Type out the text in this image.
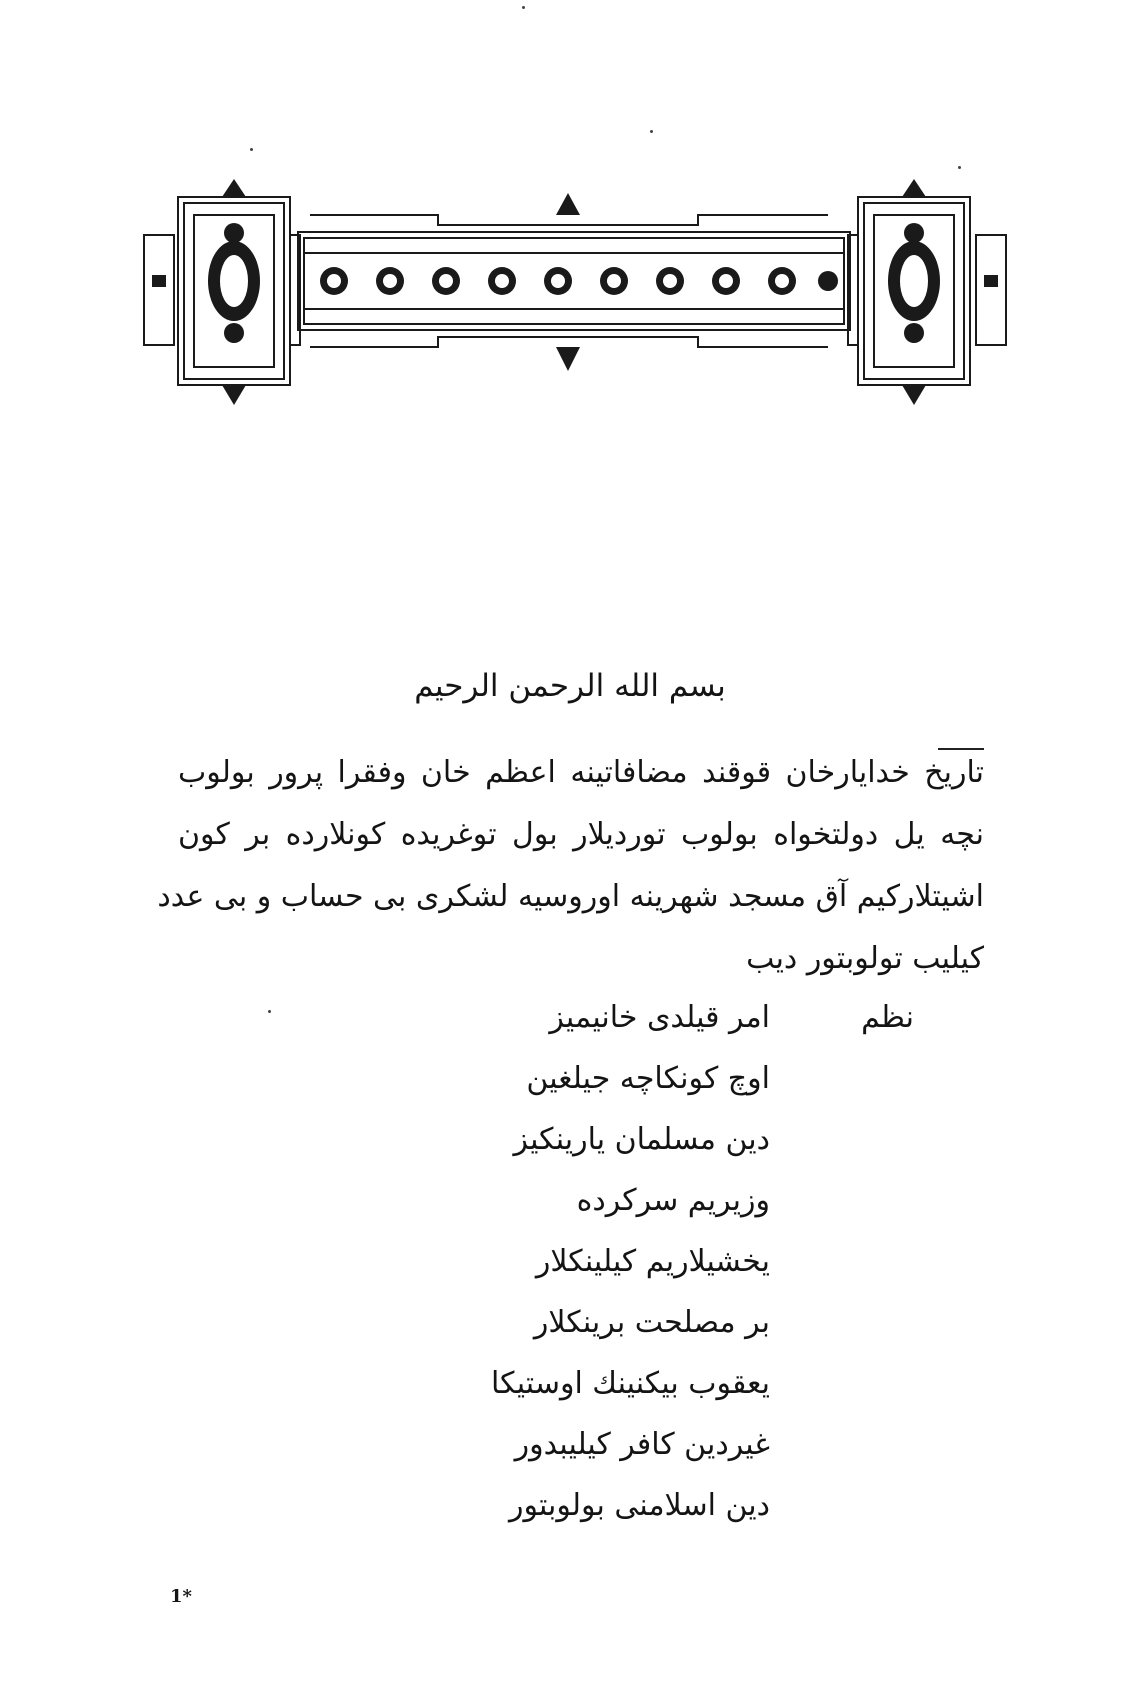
بسم الله الرحمن الرحيم
تاریخ خدایارخان قوقند مضافاتینه اعظم خان وفقرا پرور بولوب
نچه یل دولتخواه بولوب توردیلار بول توغریده کونلارده بر کون
اشیتلارکیم آق مسجد شهرینه اوروسیه لشکری بی حساب و بی عدد
کیلیب تولوبتور دیب
نظم
امر قیلدی خانیمیز
اوچ کونکاچه جیلغین
دین مسلمان یارینکیز
وزیریم سرکرده
یخشیلاریم کیلینکلار
بر مصلحت برینکلار
یعقوب بیکنینك اوستیکا
غیردین کافر کیلیبدور
دین اسلامنی بولوبتور
1*
